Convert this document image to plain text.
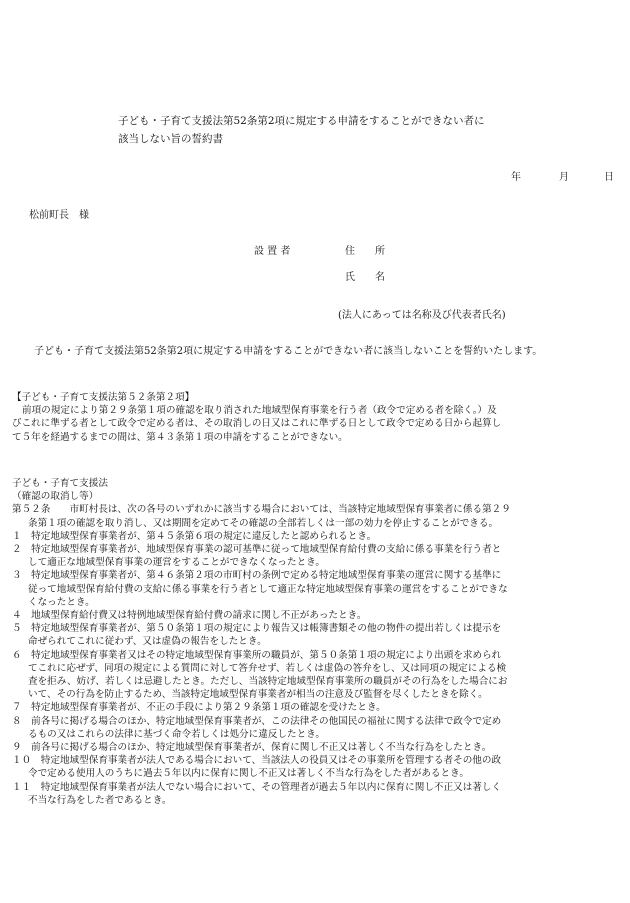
子ども・子育て支援法第52条第2項に規定する申請をすることができない者に
該当しない旨の誓約書
年	月	日
松前町長　様
設 置 者	住　　所
氏　　名
(法人にあっては名称及び代表者氏名)
子ども・子育て支援法第52条第2項に規定する申請をすることができない者に該当しないことを誓約いたします。
【子ども・子育て支援法第５２条第２項】
前項の規定により第２９条第１項の確認を取り消された地域型保育事業を行う者（政令で定める者を除く。）及
びこれに準ずる者として政令で定める者は、その取消しの日又はこれに準ずる日として政令で定める日から起算し
て５年を経過するまでの間は、第４３条第１項の申請をすることができない。
子ども・子育て支援法
（確認の取消し等）
第５２条　　市町村長は、次の各号のいずれかに該当する場合においては、当該特定地域型保育事業者に係る第２９
条第１項の確認を取り消し、又は期間を定めてその確認の全部若しくは一部の効力を停止することができる。
１　特定地域型保育事業者が、第４５条第６項の規定に違反したと認められるとき。
２　特定地域型保育事業者が、地域型保育事業の認可基準に従って地域型保育給付費の支給に係る事業を行う者と
して適正な地域型保育事業の運営をすることができなくなったとき。
３　特定地域型保育事業者が、第４６条第２項の市町村の条例で定める特定地域型保育事業の運営に関する基準に
従って地域型保育給付費の支給に係る事業を行う者として適正な特定地域型保育事業の運営をすることができな
くなったとき。
４　地域型保育給付費又は特例地域型保育給付費の請求に関し不正があったとき。
５　特定地域型保育事業者が、第５０条第１項の規定により報告又は帳簿書類その他の物件の提出若しくは提示を
命ぜられてこれに従わず、又は虚偽の報告をしたとき。
６　特定地域型保育事業者又はその特定地域型保育事業所の職員が、第５０条第１項の規定により出頭を求められ
てこれに応ぜず、同項の規定による質問に対して答弁せず、若しくは虚偽の答弁をし、又は同項の規定による検
査を拒み、妨げ、若しくは忌避したとき。ただし、当該特定地域型保育事業所の職員がその行為をした場合にお
いて、その行為を防止するため、当該特定地域型保育事業者が相当の注意及び監督を尽くしたときを除く。
７　特定地域型保育事業者が、不正の手段により第２９条第１項の確認を受けたとき。
８　前各号に掲げる場合のほか、特定地域型保育事業者が、この法律その他国民の福祉に関する法律で政令で定め
るもの又はこれらの法律に基づく命令若しくは処分に違反したとき。
９　前各号に掲げる場合のほか、特定地域型保育事業者が、保育に関し不正又は著しく不当な行為をしたとき。
１０　特定地域型保育事業者が法人である場合において、当該法人の役員又はその事業所を管理する者その他の政
令で定める使用人のうちに過去５年以内に保育に関し不正又は著しく不当な行為をした者があるとき。
１１　特定地域型保育事業者が法人でない場合において、その管理者が過去５年以内に保育に関し不正又は著しく
不当な行為をした者であるとき。
